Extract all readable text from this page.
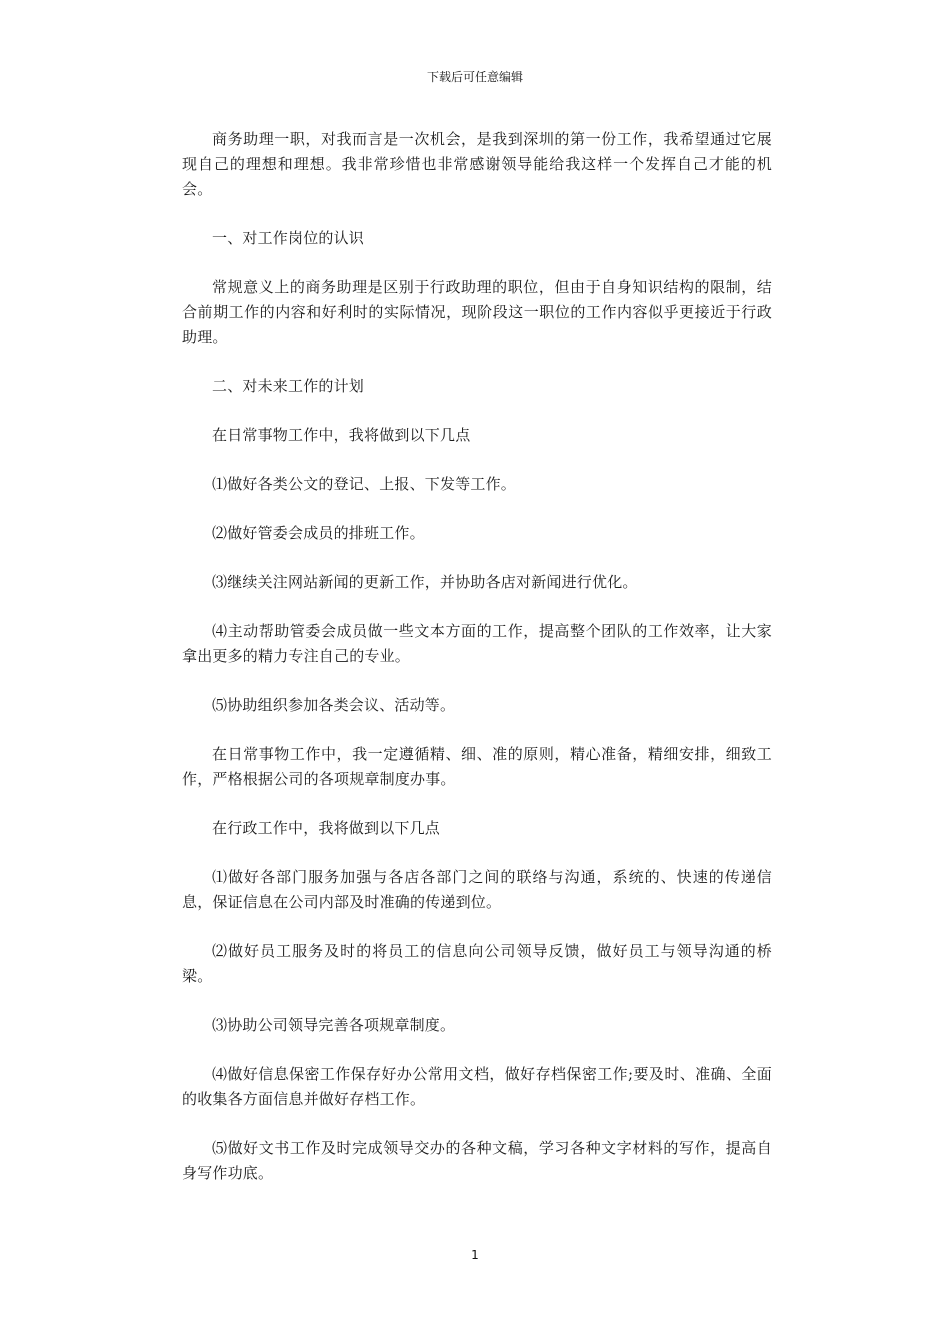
下载后可任意编辑

商务助理一职，对我而言是一次机会，是我到深圳的第一份工作，我希望通过它展现自己的理想和理想。我非常珍惜也非常感谢领导能给我这样一个发挥自己才能的机会。

一、对工作岗位的认识

常规意义上的商务助理是区别于行政助理的职位，但由于自身知识结构的限制，结合前期工作的内容和好利时的实际情况，现阶段这一职位的工作内容似乎更接近于行政助理。

二、对未来工作的计划

在日常事物工作中，我将做到以下几点

⑴做好各类公文的登记、上报、下发等工作。

⑵做好管委会成员的排班工作。

⑶继续关注网站新闻的更新工作，并协助各店对新闻进行优化。

⑷主动帮助管委会成员做一些文本方面的工作，提高整个团队的工作效率，让大家拿出更多的精力专注自己的专业。

⑸协助组织参加各类会议、活动等。

在日常事物工作中，我一定遵循精、细、准的原则，精心准备，精细安排，细致工作，严格根据公司的各项规章制度办事。

在行政工作中，我将做到以下几点

⑴做好各部门服务加强与各店各部门之间的联络与沟通，系统的、快速的传递信息，保证信息在公司内部及时准确的传递到位。

⑵做好员工服务及时的将员工的信息向公司领导反馈，做好员工与领导沟通的桥梁。

⑶协助公司领导完善各项规章制度。

⑷做好信息保密工作保存好办公常用文档，做好存档保密工作;要及时、准确、全面的收集各方面信息并做好存档工作。

⑸做好文书工作及时完成领导交办的各种文稿，学习各种文字材料的写作，提高自身写作功底。

1
